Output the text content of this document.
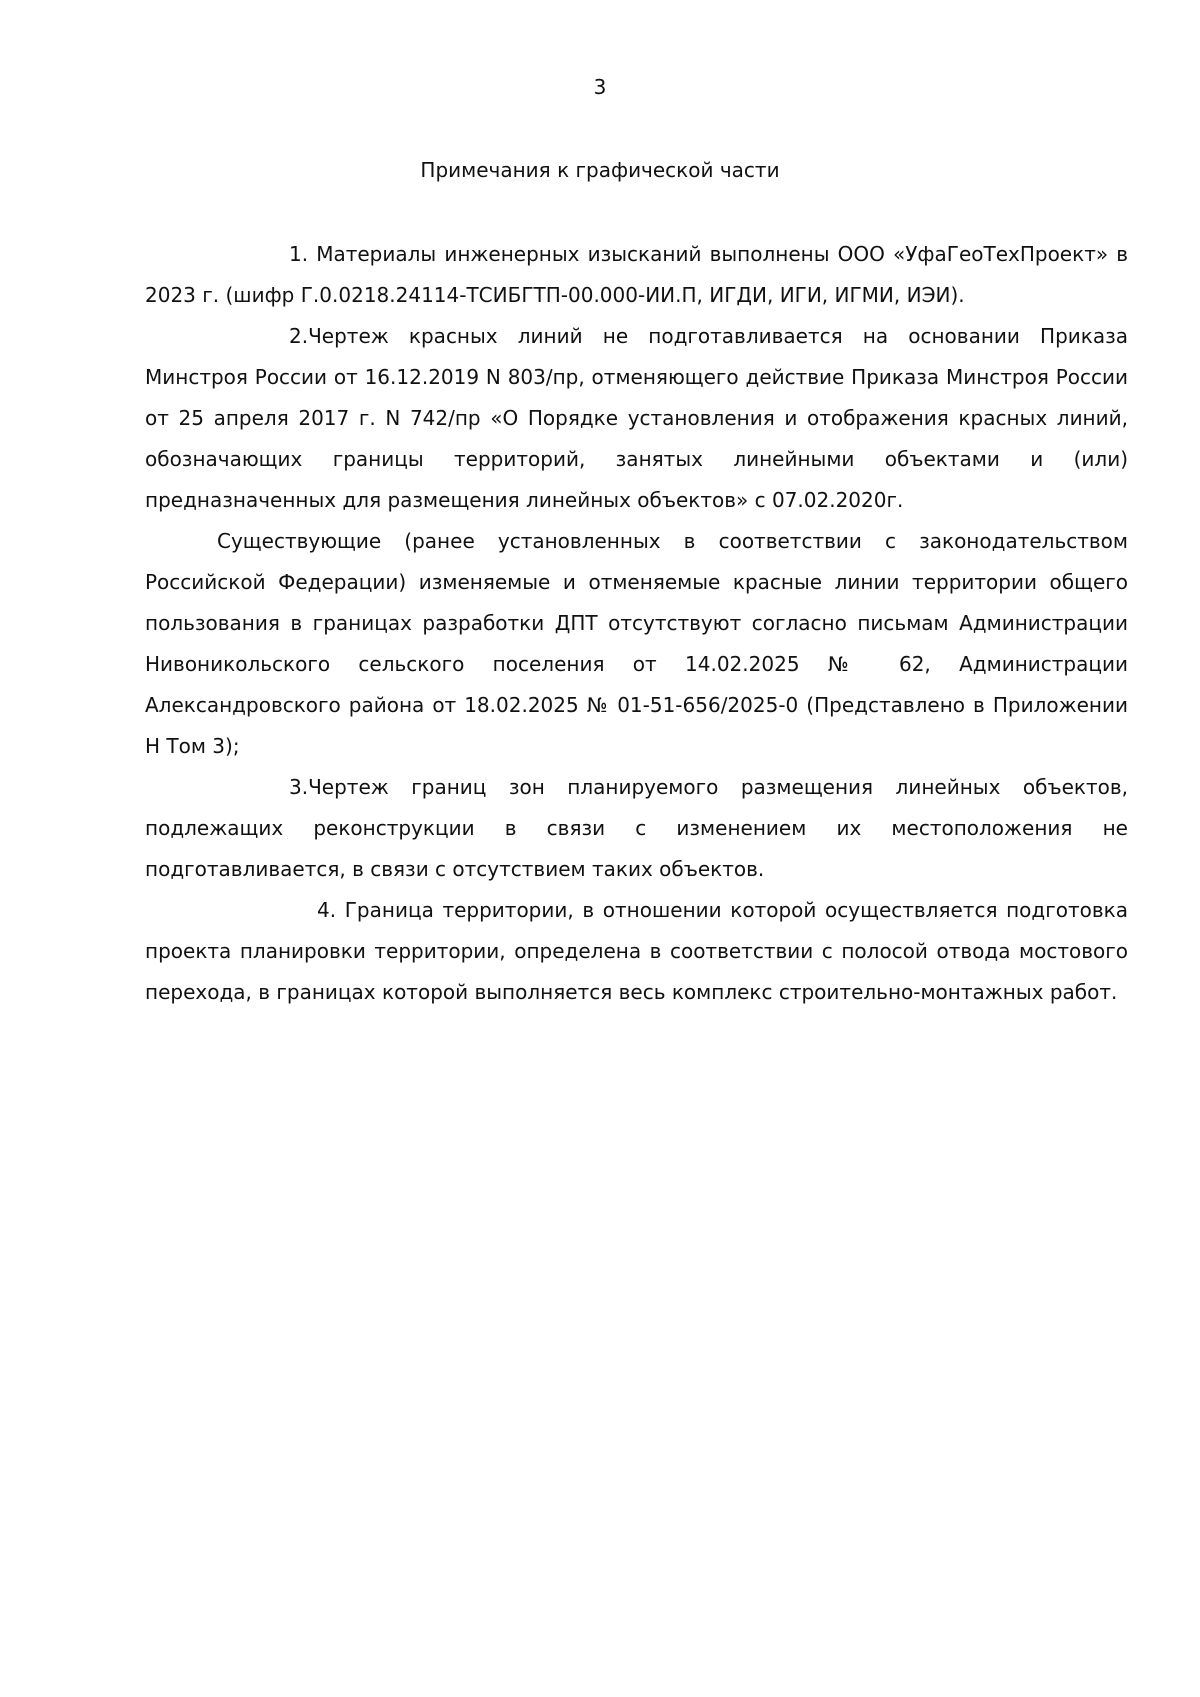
3
Примечания к графической части

1. Материалы инженерных изысканий выполнены ООО «УфаГеоТехПроект» в 2023 г. (шифр Г.0.0218.24114-ТСИБГТП-00.000-ИИ.П, ИГДИ, ИГИ, ИГМИ, ИЭИ).

2.Чертеж красных линий не подготавливается на основании Приказа Минстроя России от 16.12.2019 N 803/пр, отменяющего действие Приказа Минстроя России от 25 апреля 2017 г. N 742/пр «О Порядке установления и отображения красных линий, обозначающих границы территорий, занятых линейными объектами и (или) предназначенных для размещения линейных объектов» с 07.02.2020г.

Существующие (ранее установленных в соответствии с законодательством Российской Федерации) изменяемые и отменяемые красные линии территории общего пользования в границах разработки ДПТ отсутствуют согласно письмам Администрации Нивоникольского сельского поселения от 14.02.2025 № 62, Администрации Александровского района от 18.02.2025 № 01-51-656/2025-0 (Представлено в Приложении Н Том 3);

3.Чертеж границ зон планируемого размещения линейных объектов, подлежащих реконструкции в связи с изменением их местоположения не подготавливается, в связи с отсутствием таких объектов.

4. Граница территории, в отношении которой осуществляется подготовка проекта планировки территории, определена в соответствии с полосой отвода мостового перехода, в границах которой выполняется весь комплекс строительно-монтажных работ.
